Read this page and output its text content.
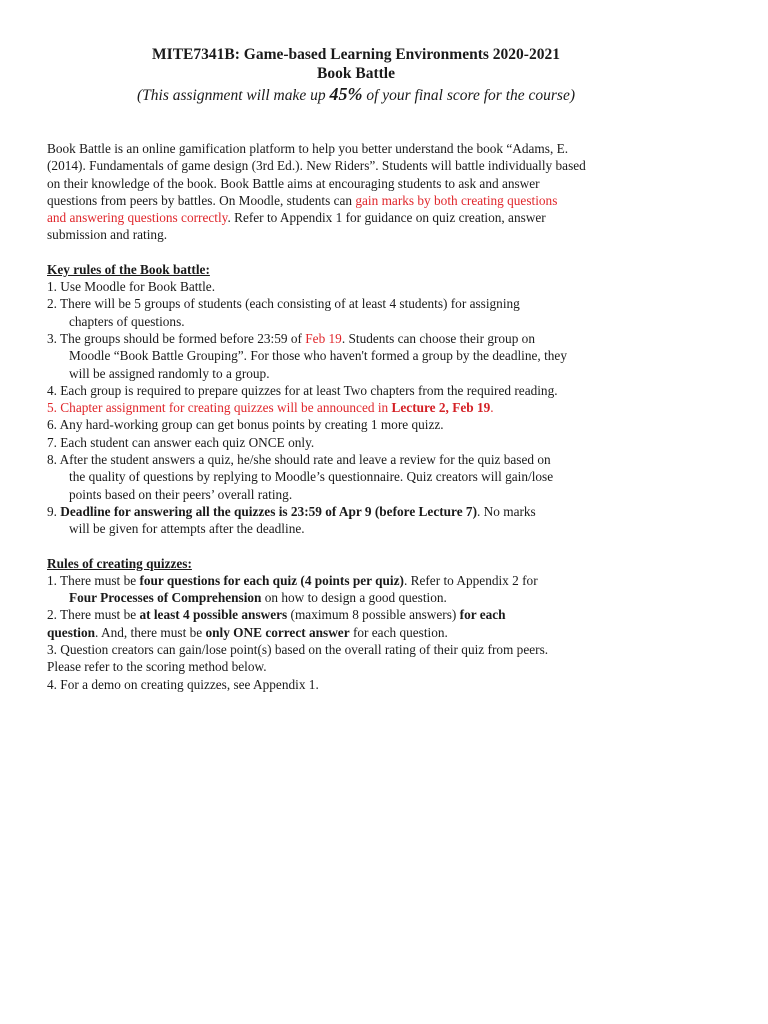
MITE7341B: Game-based Learning Environments 2020-2021
Book Battle
(This assignment will make up 45% of your final score for the course)

Book Battle is an online gamification platform to help you better understand the book “Adams, E.

(2014). Fundamentals of game design (3rd Ed.). New Riders”. Students will battle individually based

on their knowledge of the book. Book Battle aims at encouraging students to ask and answer

questions from peers by battles. On Moodle, students can gain marks by both creating questions

and answering questions correctly. Refer to Appendix 1 for guidance on quiz creation, answer

submission and rating.

Key rules of the Book battle:

1. Use Moodle for Book Battle.
2. There will be 5 groups of students (each consisting of at least 4 students) for assigning
chapters of questions.
3. The groups should be formed before 23:59 of Feb 19. Students can choose their group on
Moodle “Book Battle Grouping”. For those who haven't formed a group by the deadline, they
will be assigned randomly to a group.
4. Each group is required to prepare quizzes for at least Two chapters from the required reading.
5. Chapter assignment for creating quizzes will be announced in Lecture 2, Feb 19.
6. Any hard-working group can get bonus points by creating 1 more quizz.
7. Each student can answer each quiz ONCE only.
8. After the student answers a quiz, he/she should rate and leave a review for the quiz based on
the quality of questions by replying to Moodle’s questionnaire. Quiz creators will gain/lose
points based on their peers’ overall rating.
9. Deadline for answering all the quizzes is 23:59 of Apr 9 (before Lecture 7). No marks
will be given for attempts after the deadline.

Rules of creating quizzes:

1. There must be four questions for each quiz (4 points per quiz). Refer to Appendix 2 for
Four Processes of Comprehension on how to design a good question.
2. There must be at least 4 possible answers (maximum 8 possible answers) for each
question. And, there must be only ONE correct answer for each question.
3. Question creators can gain/lose point(s) based on the overall rating of their quiz from peers.
Please refer to the scoring method below.
4. For a demo on creating quizzes, see Appendix 1.
